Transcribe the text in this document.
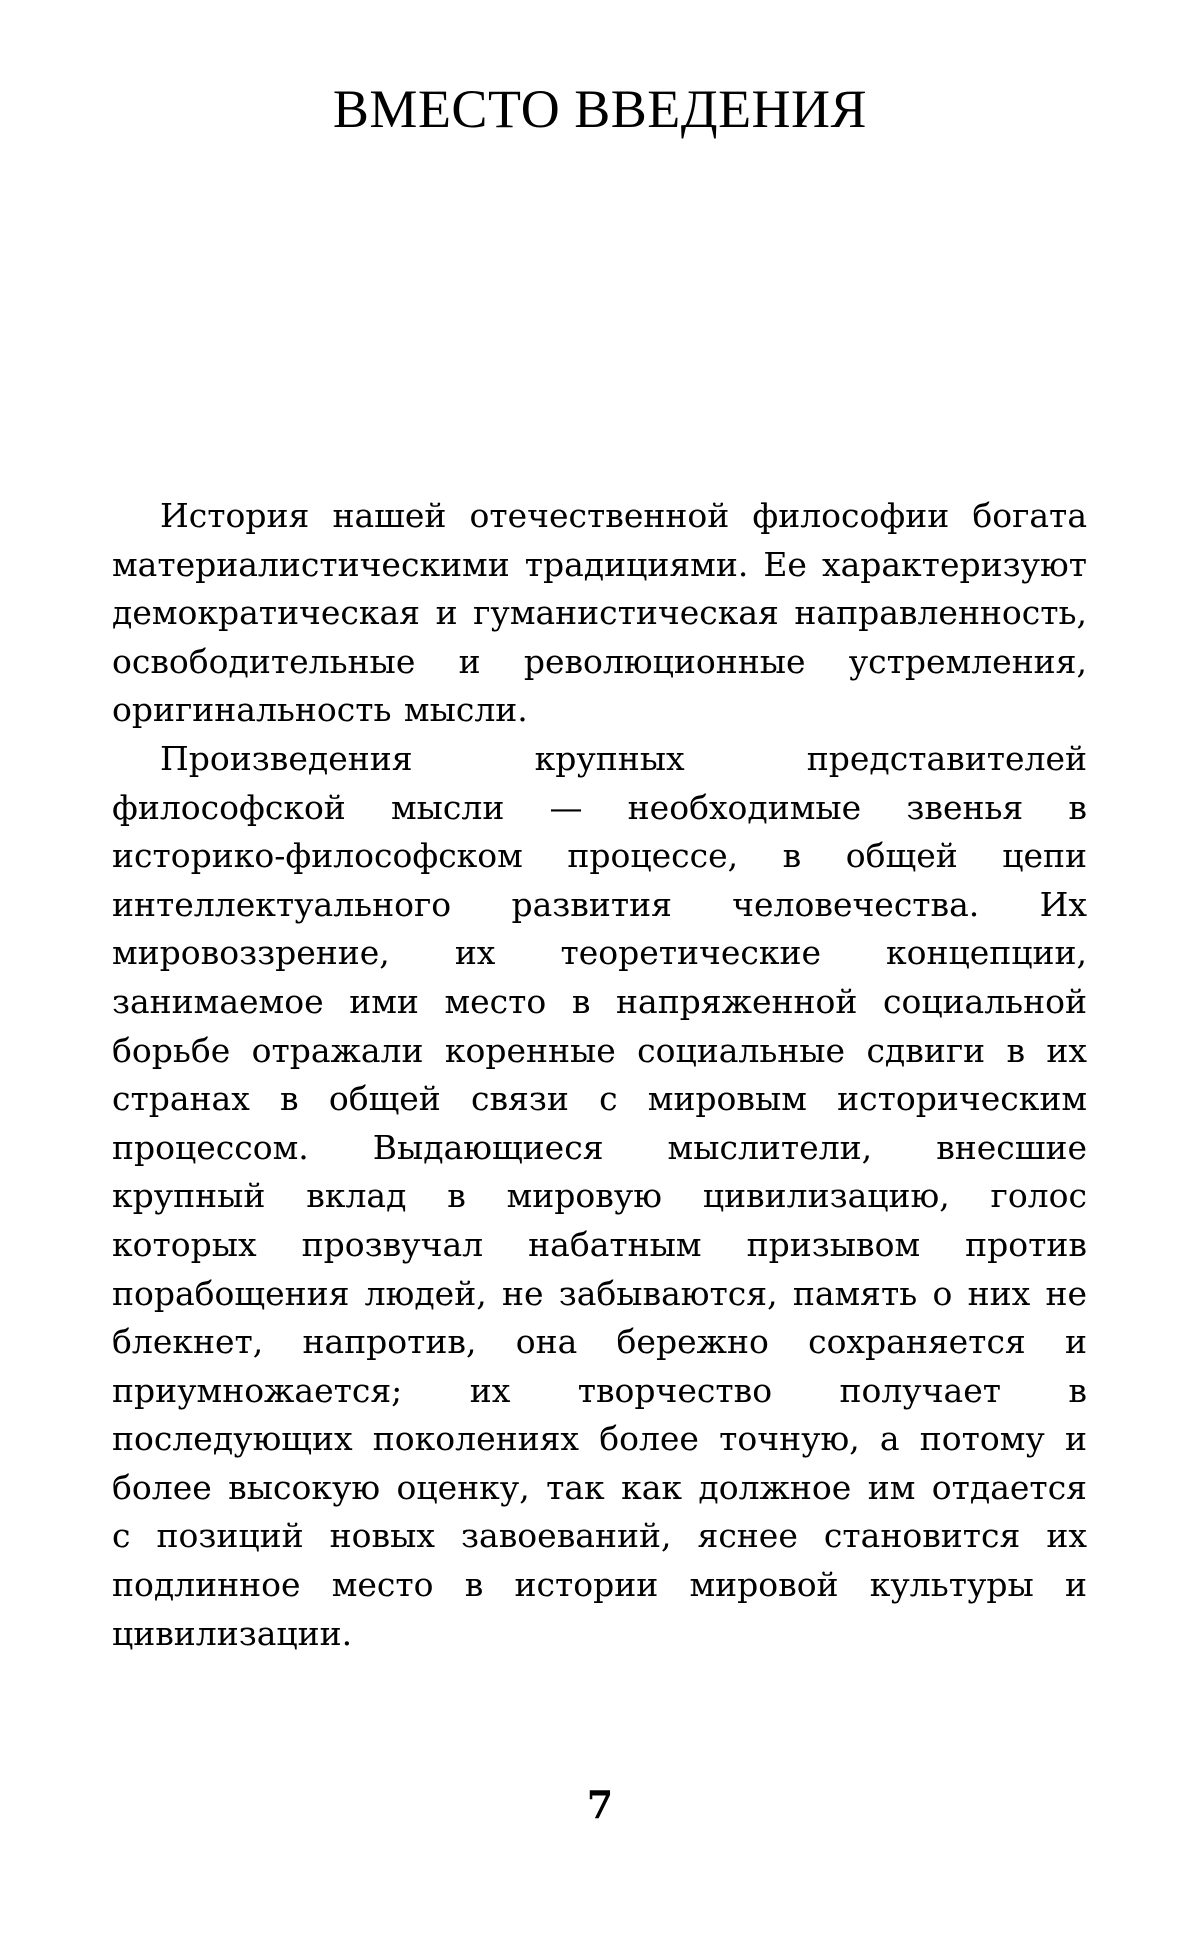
ВМЕСТО ВВЕДЕНИЯ

История нашей отечественной философии богата материалистическими традициями. Ее характеризуют демократическая и гуманистическая направленность, освободительные и революционные устремления, оригинальность мысли.

Произведения крупных представителей философской мысли — необходимые звенья в историко-философском процессе, в общей цепи интеллектуального развития человечества. Их мировоззрение, их теоретические концепции, занимаемое ими место в напряженной социальной борьбе отражали коренные социальные сдвиги в их странах в общей связи с мировым историческим процессом. Выдающиеся мыслители, внесшие крупный вклад в мировую цивилизацию, голос которых прозвучал набатным призывом против порабощения людей, не забываются, память о них не блекнет, напротив, она бережно сохраняется и приумножается; их творчество получает в последующих поколениях более точную, а потому и более высокую оценку, так как должное им отдается с позиций новых завоеваний, яснее становится их подлинное место в истории мировой культуры и цивилизации.

7
